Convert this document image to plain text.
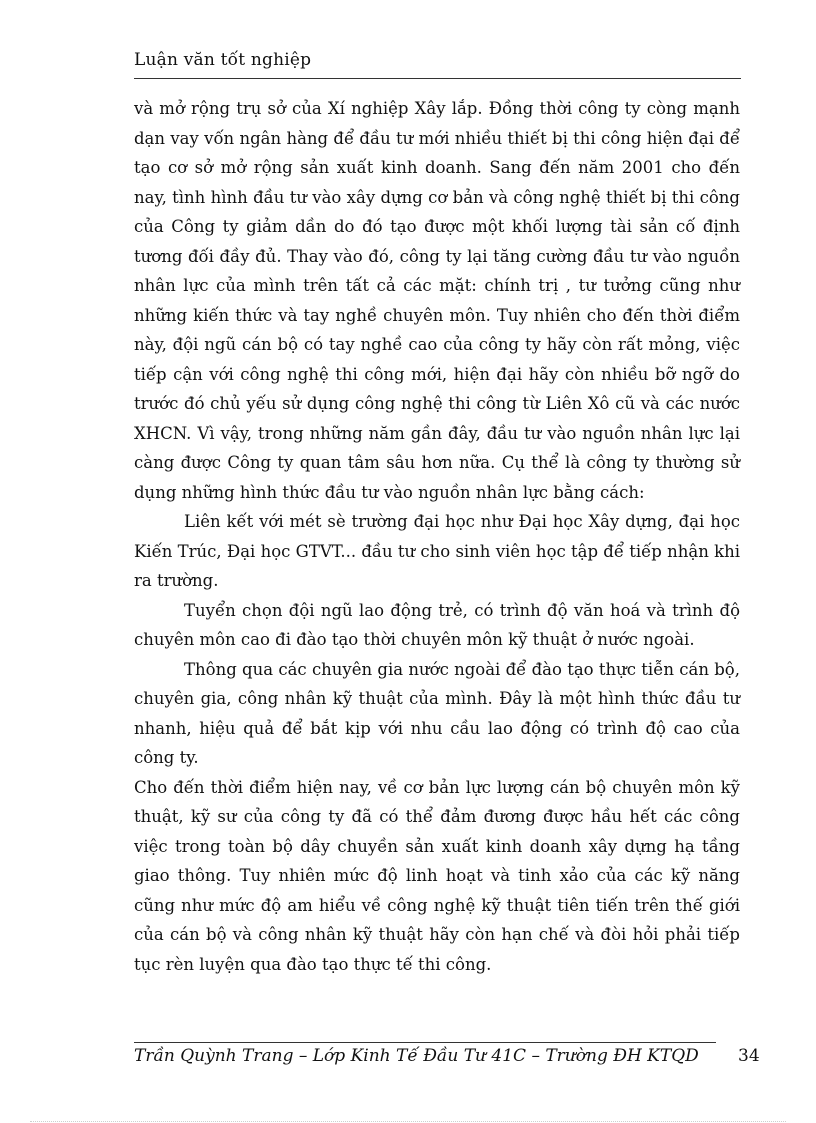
Luận văn tốt nghiệp

và mở rộng trụ sở của Xí nghiệp Xây lắp. Đồng thời công ty còng mạnh dạn vay vốn ngân hàng để đầu tư mới nhiều thiết bị thi công hiện đại để tạo cơ sở mở rộng sản xuất kinh doanh. Sang đến năm 2001 cho đến nay, tình hình đầu tư vào xây dựng cơ bản và công nghệ thiết bị thi công của Công ty giảm dần do đó tạo được một khối lượng tài sản cố định tương đối đầy đủ. Thay vào đó, công ty lại tăng cường đầu tư vào nguồn nhân lực của mình trên tất cả các mặt: chính trị , tư tưởng cũng như những kiến thức và tay nghề chuyên môn. Tuy nhiên cho đến thời điểm này, đội ngũ cán bộ có tay nghề cao của công ty hãy còn rất mỏng, việc tiếp cận với công nghệ thi công mới, hiện đại hãy còn nhiều bỡ ngỡ do trước đó chủ yếu sử dụng công nghệ thi công từ Liên Xô cũ và các nước XHCN. Vì vậy, trong những năm gần đây, đầu tư vào nguồn nhân lực lại càng được Công ty quan tâm sâu hơn nữa. Cụ thể là công ty thường sử dụng những hình thức đầu tư vào nguồn nhân lực bằng cách:

Liên kết với mét sè trường đại học như Đại học Xây dựng, đại học Kiến Trúc, Đại học GTVT... đầu tư cho sinh viên học tập để tiếp nhận khi ra trường.

Tuyển chọn đội ngũ lao động trẻ, có trình độ văn hoá và trình độ chuyên môn cao đi đào tạo thời chuyên môn kỹ thuật ở nước ngoài.

Thông qua các chuyên gia nước ngoài để đào tạo thực tiễn cán bộ, chuyên gia, công nhân kỹ thuật của mình. Đây là một hình thức đầu tư nhanh, hiệu quả để bắt kịp với nhu cầu lao động có trình độ cao của công ty.

Cho đến thời điểm hiện nay, về cơ bản lực lượng cán bộ chuyên môn kỹ thuật, kỹ sư của công ty đã có thể đảm đương được hầu hết các công việc trong toàn bộ dây chuyền sản xuất kinh doanh xây dựng hạ tầng giao thông. Tuy nhiên mức độ linh hoạt và tinh xảo của các kỹ năng cũng như mức độ am hiểu về công nghệ kỹ thuật tiên tiến trên thế giới của cán bộ và công nhân kỹ thuật hãy còn hạn chế và đòi hỏi phải tiếp tục rèn luyện qua đào tạo thực tế thi công.

Trần Quỳnh Trang – Lớp Kinh Tế Đầu Tư 41C – Trường ĐH KTQD 34
